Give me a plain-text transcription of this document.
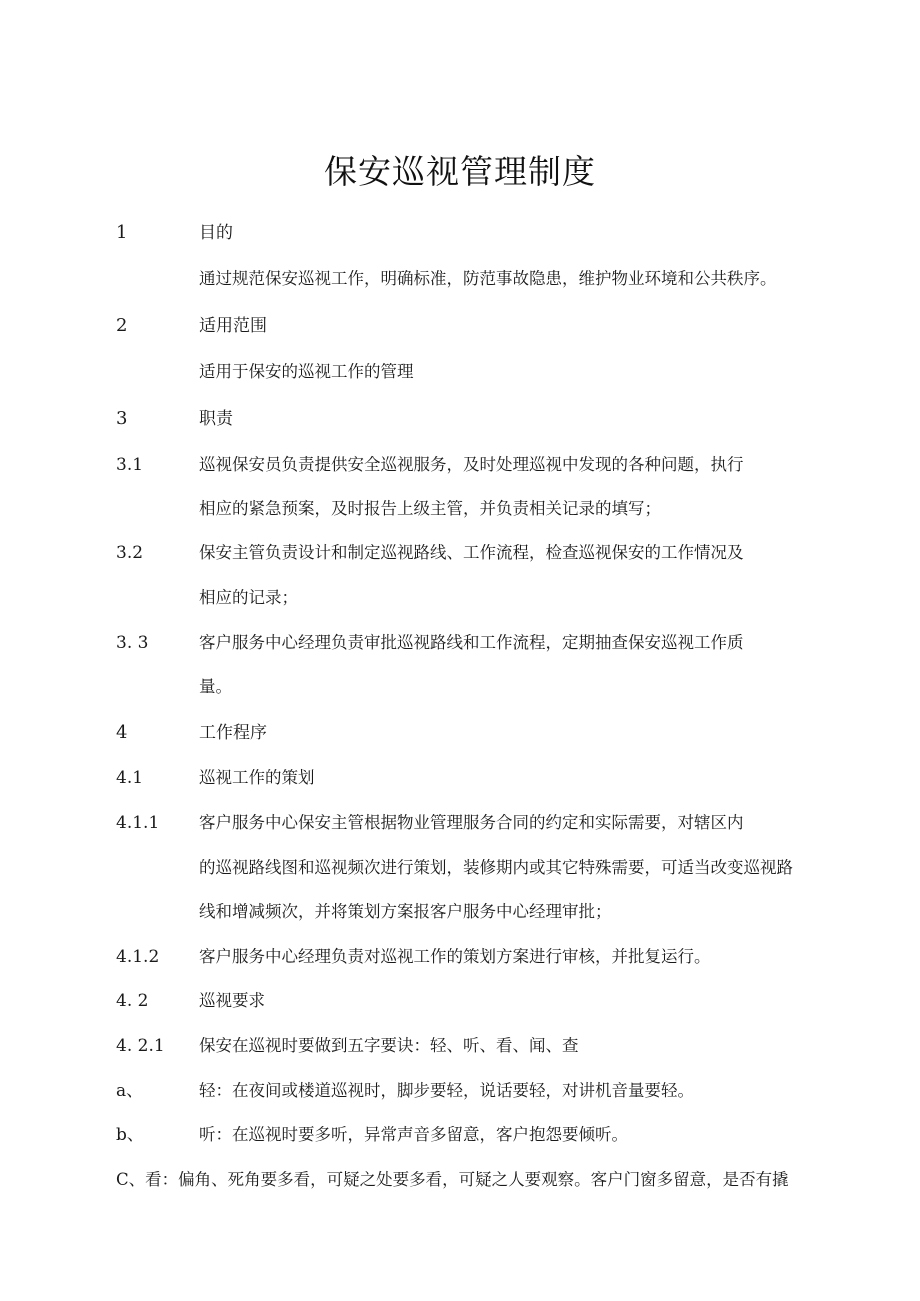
保安巡视管理制度
1	目的
通过规范保安巡视工作，明确标准，防范事故隐患，维护物业环境和公共秩序。
2	适用范围
适用于保安的巡视工作的管理
3	职责
3.1	巡视保安员负责提供安全巡视服务，及时处理巡视中发现的各种问题，执行
相应的紧急预案，及时报告上级主管，并负责相关记录的填写；
3.2	保安主管负责设计和制定巡视路线、工作流程，检查巡视保安的工作情况及
相应的记录；
3. 3	客户服务中心经理负责审批巡视路线和工作流程，定期抽查保安巡视工作质
量。
4	工作程序
4.1	巡视工作的策划
4.1.1 客户服务中心保安主管根据物业管理服务合同的约定和实际需要，对辖区内
的巡视路线图和巡视频次进行策划，装修期内或其它特殊需要，可适当改变巡视路
线和增减频次，并将策划方案报客户服务中心经理审批；
4.1.2 客户服务中心经理负责对巡视工作的策划方案进行审核，并批复运行。
4. 2	巡视要求
4. 2.1 保安在巡视时要做到五字要诀：轻、听、看、闻、查
a、	轻：在夜间或楼道巡视时，脚步要轻，说话要轻，对讲机音量要轻。
b、	听：在巡视时要多听，异常声音多留意，客户抱怨要倾听。
C、看：偏角、死角要多看，可疑之处要多看，可疑之人要观察。客户门窗多留意，是否有撬
